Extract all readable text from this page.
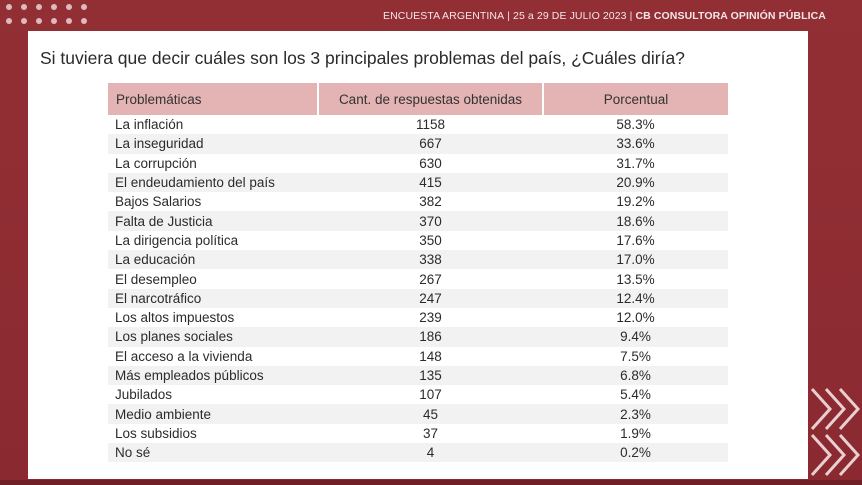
ENCUESTA ARGENTINA | 25 a 29 DE JULIO 2023 | CB CONSULTORA OPINIÓN PÚBLICA
Si tuviera que decir cuáles son los 3 principales problemas del país, ¿Cuáles diría?
Problemáticas	Cant. de respuestas obtenidas	Porcentual
La inflación	1158	58.3%
La inseguridad	667	33.6%
La corrupción	630	31.7%
El endeudamiento del país	415	20.9%
Bajos Salarios	382	19.2%
Falta de Justicia	370	18.6%
La dirigencia política	350	17.6%
La educación	338	17.0%
El desempleo	267	13.5%
El narcotráfico	247	12.4%
Los altos impuestos	239	12.0%
Los planes sociales	186	9.4%
El acceso a la vivienda	148	7.5%
Más empleados públicos	135	6.8%
Jubilados	107	5.4%
Medio ambiente	45	2.3%
Los subsidios	37	1.9%
No sé	4	0.2%
